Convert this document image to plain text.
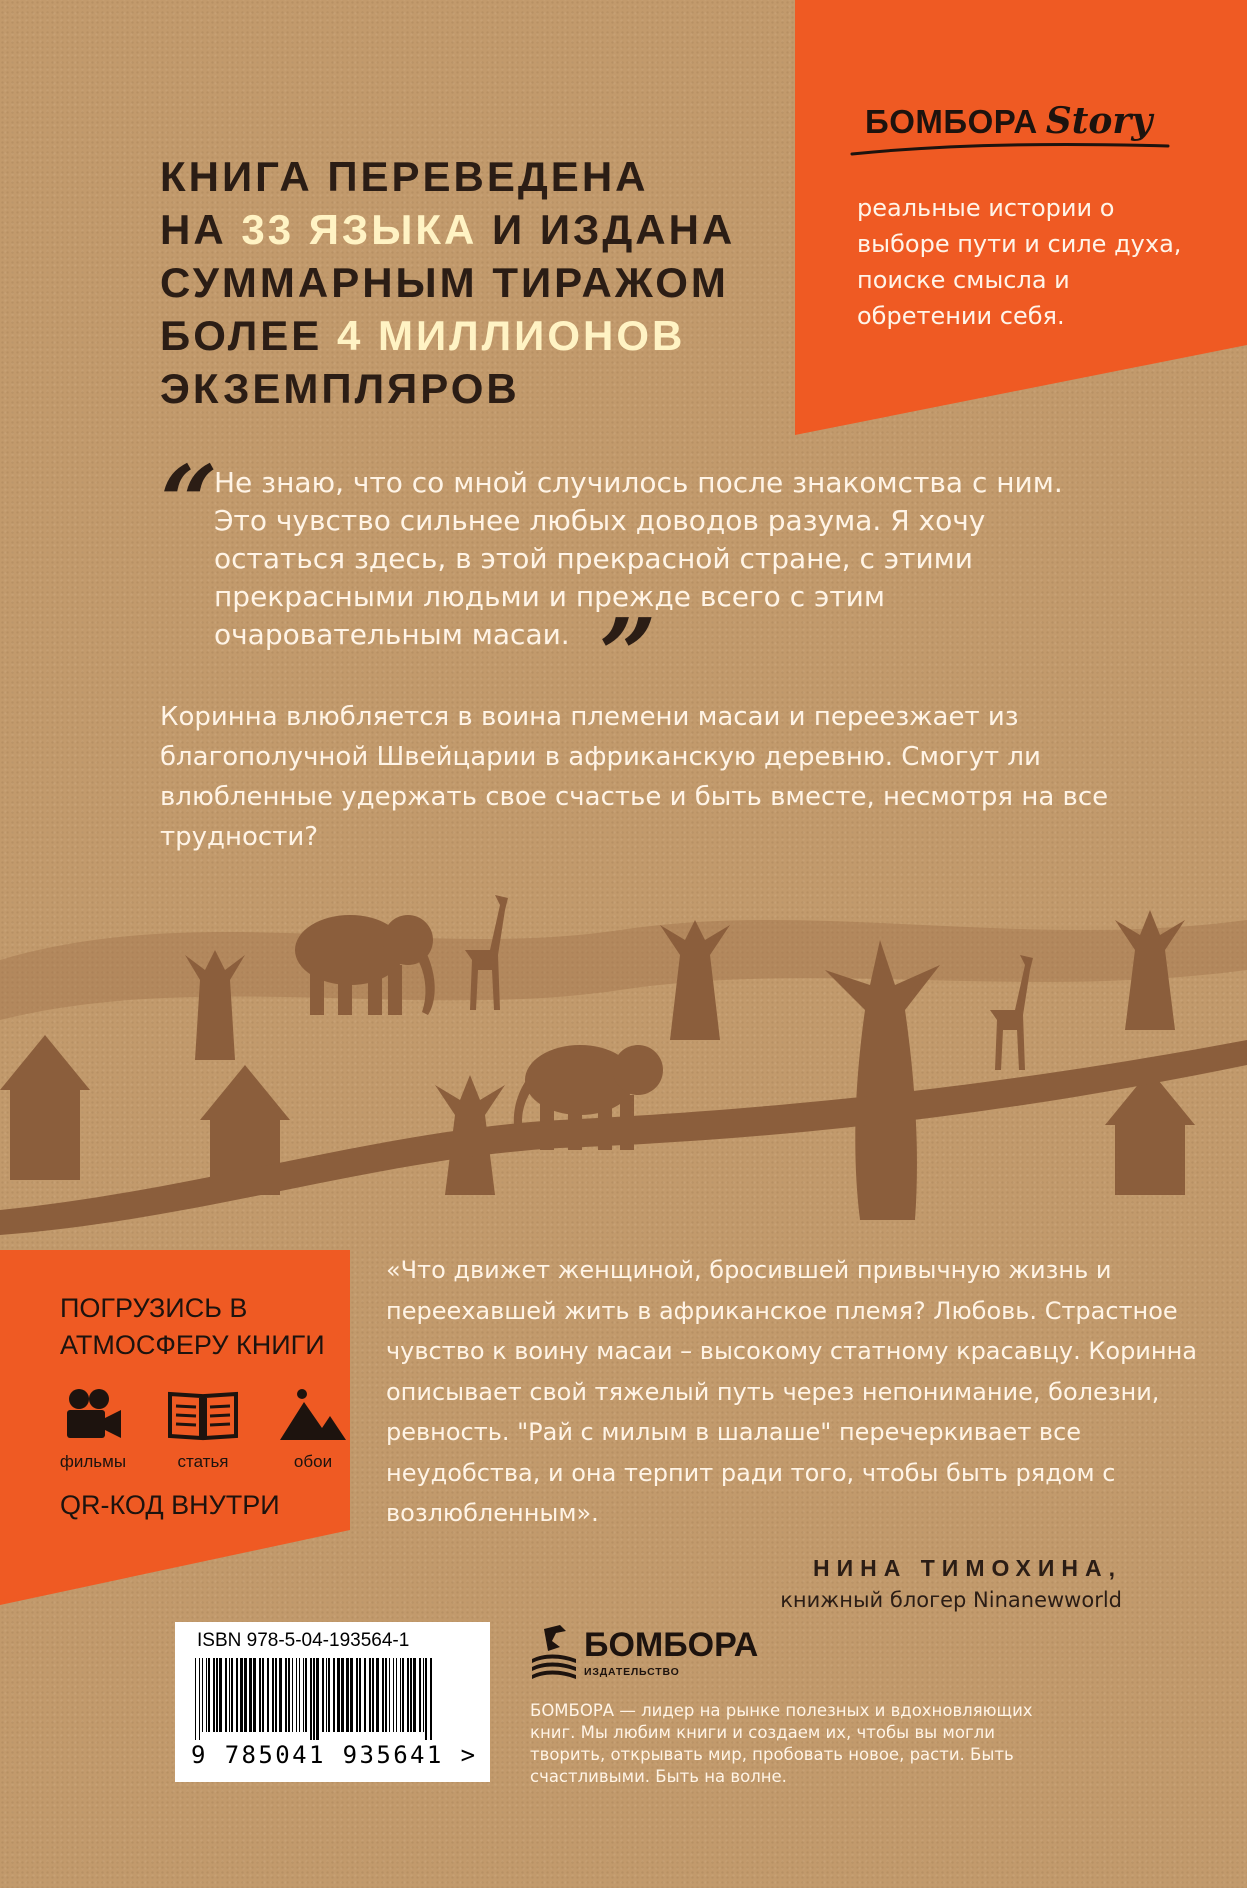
БОМБОРА Story

реальные истории о выборе пути и силе духа, поиске смысла и обретении себя.

КНИГА ПЕРЕВЕДЕНА
НА 33 ЯЗЫКА И ИЗДАНА
СУММАРНЫМ ТИРАЖОМ
БОЛЕЕ 4 МИЛЛИОНОВ
ЭКЗЕМПЛЯРОВ
“

Не знаю, что со мной случилось после знакомства с ним. Это чувство сильнее любых доводов разума. Я хочу остаться здесь, в этой прекрасной стране, с этими прекрасными людьми и прежде всего с этим очаровательным масаи. ”

Коринна влюбляется в воина племени масаи и переезжает из благополучной Швейцарии в африканскую деревню. Смогут ли влюбленные удержать свое счастье и быть вместе, несмотря на все трудности?

ПОГРУЗИСЬ В АТМОСФЕРУ КНИГИ

фильмы	статья	обои
QR-КОД ВНУТРИ

«Что движет женщиной, бросившей привычную жизнь и переехавшей жить в африканское племя? Любовь. Страстное чувство к воину масаи – высокому статному красавцу. Коринна описывает свой тяжелый путь через непонимание, болезни, ревность. "Рай с милым в шалаше" перечеркивает все неудобства, и она терпит ради того, чтобы быть рядом с возлюбленным».

НИНА ТИМОХИНА,
книжный блогер Ninanewworld
ISBN 978-5-04-193564-1
9 785041 935641 >
БОМБОРА
ИЗДАТЕЛЬСТВО

БОМБОРА — лидер на рынке полезных и вдохновляющих книг. Мы любим книги и создаем их, чтобы вы могли творить, открывать мир, пробовать новое, расти. Быть счастливыми. Быть на волне.
